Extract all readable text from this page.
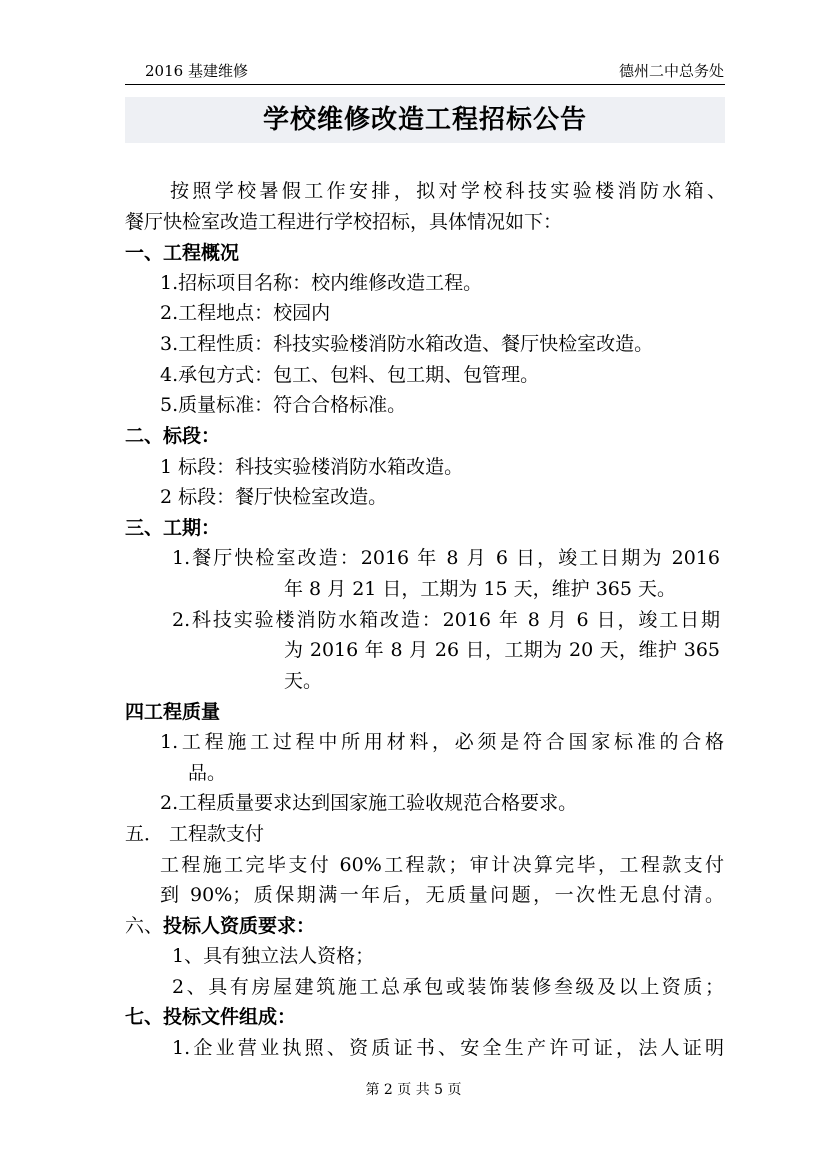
2016 基建维修	德州二中总务处
学校维修改造工程招标公告
按照学校暑假工作安排，拟对学校科技实验楼消防水箱、
餐厅快检室改造工程进行学校招标，具体情况如下：
一、工程概况
1.招标项目名称：校内维修改造工程。
2.工程地点：校园内
3.工程性质：科技实验楼消防水箱改造、餐厅快检室改造。
4.承包方式：包工、包料、包工期、包管理。
5.质量标准：符合合格标准。
二、标段：
1 标段：科技实验楼消防水箱改造。
2 标段：餐厅快检室改造。
三、工期：
1.餐厅快检室改造：2016 年 8 月 6 日，竣工日期为 2016
年 8 月 21 日，工期为 15 天，维护 365 天。
2.科技实验楼消防水箱改造：2016 年 8 月 6 日，竣工日期
为 2016 年 8 月 26 日，工期为 20 天，维护 365
天。
四工程质量
1.工程施工过程中所用材料，必须是符合国家标准的合格
品。
2.工程质量要求达到国家施工验收规范合格要求。
五． 工程款支付
工程施工完毕支付 60%工程款；审计决算完毕，工程款支付
到 90%；质保期满一年后，无质量问题，一次性无息付清。
六、投标人资质要求：
1、具有独立法人资格；
2、具有房屋建筑施工总承包或装饰装修叁级及以上资质；
七、投标文件组成：
1.企业营业执照、资质证书、安全生产许可证，法人证明
第 2 页 共 5 页
